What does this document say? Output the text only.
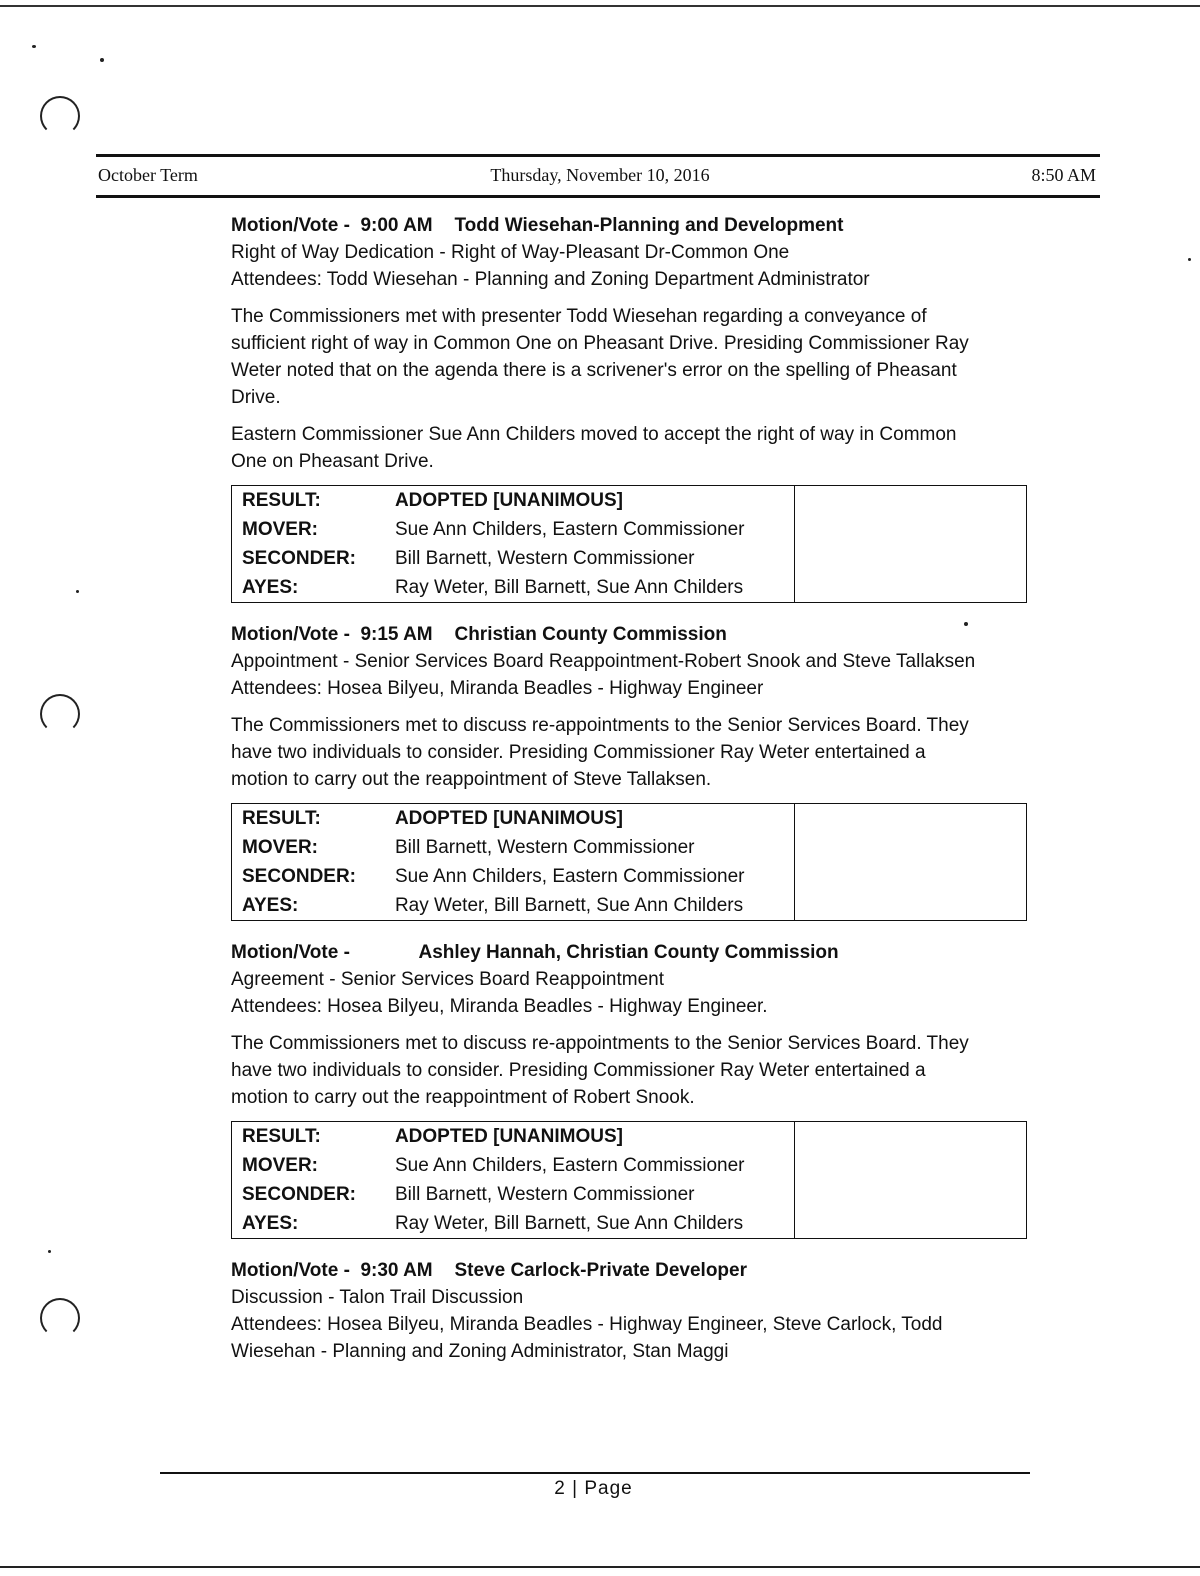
October Term	Thursday, November 10, 2016	8:50 AM
Motion/Vote - 9:00 AM Todd Wiesehan-Planning and Development
Right of Way Dedication - Right of Way-Pleasant Dr-Common One
Attendees: Todd Wiesehan - Planning and Zoning Department Administrator
The Commissioners met with presenter Todd Wiesehan regarding a conveyance of
sufficient right of way in Common One on Pheasant Drive. Presiding Commissioner Ray
Weter noted that on the agenda there is a scrivener's error on the spelling of Pheasant
Drive.
Eastern Commissioner Sue Ann Childers moved to accept the right of way in Common
One on Pheasant Drive.
RESULT:	ADOPTED [UNANIMOUS]	
MOVER:	Sue Ann Childers, Eastern Commissioner	
SECONDER:	Bill Barnett, Western Commissioner	
AYES:	Ray Weter, Bill Barnett, Sue Ann Childers	
Motion/Vote - 9:15 AM Christian County Commission
Appointment - Senior Services Board Reappointment-Robert Snook and Steve Tallaksen
Attendees: Hosea Bilyeu, Miranda Beadles - Highway Engineer
The Commissioners met to discuss re-appointments to the Senior Services Board. They
have two individuals to consider. Presiding Commissioner Ray Weter entertained a
motion to carry out the reappointment of Steve Tallaksen.
RESULT:	ADOPTED [UNANIMOUS]	
MOVER:	Bill Barnett, Western Commissioner	
SECONDER:	Sue Ann Childers, Eastern Commissioner	
AYES:	Ray Weter, Bill Barnett, Sue Ann Childers	
Motion/Vote -	Ashley Hannah, Christian County Commission
Agreement - Senior Services Board Reappointment
Attendees: Hosea Bilyeu, Miranda Beadles - Highway Engineer.
The Commissioners met to discuss re-appointments to the Senior Services Board. They
have two individuals to consider. Presiding Commissioner Ray Weter entertained a
motion to carry out the reappointment of Robert Snook.
RESULT:	ADOPTED [UNANIMOUS]	
MOVER:	Sue Ann Childers, Eastern Commissioner	
SECONDER:	Bill Barnett, Western Commissioner	
AYES:	Ray Weter, Bill Barnett, Sue Ann Childers	
Motion/Vote - 9:30 AM Steve Carlock-Private Developer
Discussion - Talon Trail Discussion
Attendees: Hosea Bilyeu, Miranda Beadles - Highway Engineer, Steve Carlock, Todd
Wiesehan - Planning and Zoning Administrator, Stan Maggi
2 | Page
